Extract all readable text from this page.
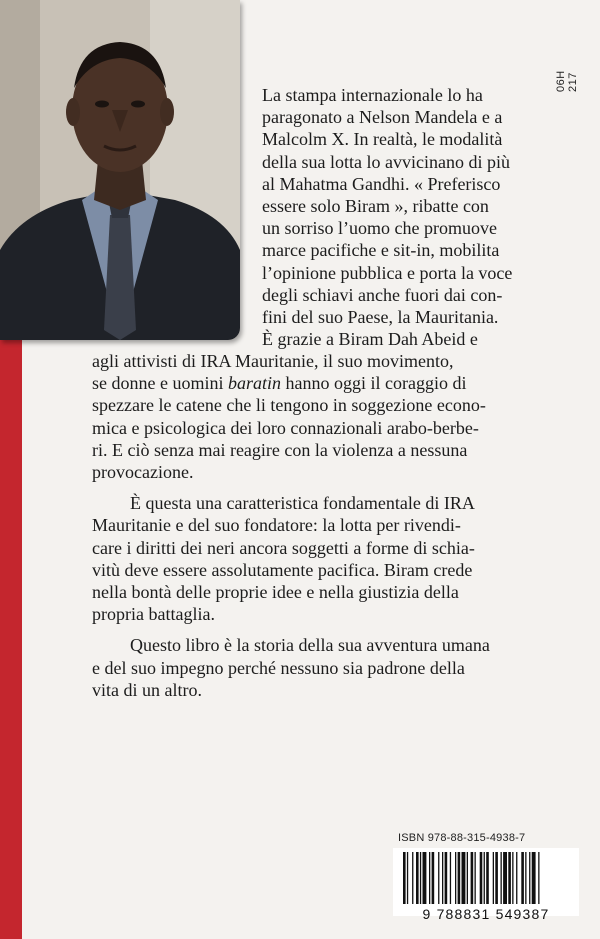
06H 217
La stampa internazionale lo ha
paragonato a Nelson Mandela e a
Malcolm X. In realtà, le modalità
della sua lotta lo avvicinano di più
al Mahatma Gandhi. « Preferisco
essere solo Biram », ribatte con
un sorriso l’uomo che promuove
marce pacifiche e sit-in, mobilita
l’opinione pubblica e porta la voce
degli schiavi anche fuori dai con-
fini del suo Paese, la Mauritania.
È grazie a Biram Dah Abeid e
agli attivisti di IRA Mauritanie, il suo movimento,
se donne e uomini baratin hanno oggi il coraggio di
spezzare le catene che li tengono in soggezione econo-
mica e psicologica dei loro connazionali arabo-berbe-
ri. E ciò senza mai reagire con la violenza a nessuna
provocazione.
È questa una caratteristica fondamentale di IRA
Mauritanie e del suo fondatore: la lotta per rivendi-
care i diritti dei neri ancora soggetti a forme di schia-
vitù deve essere assolutamente pacifica. Biram crede
nella bontà delle proprie idee e nella giustizia della
propria battaglia.
Questo libro è la storia della sua avventura umana
e del suo impegno perché nessuno sia padrone della
vita di un altro.
ISBN 978-88-315-4938-7
9 788831 549387
